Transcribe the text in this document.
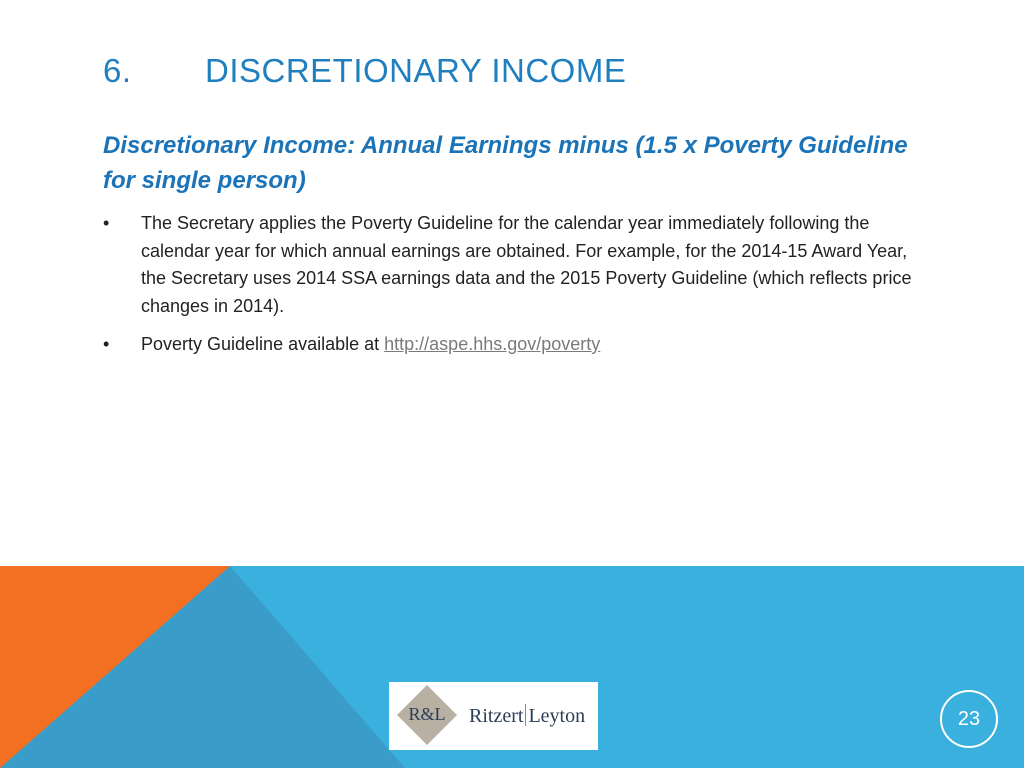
6. DISCRETIONARY INCOME
Discretionary Income: Annual Earnings minus (1.5 x Poverty Guideline for single person)
• The Secretary applies the Poverty Guideline for the calendar year immediately following the calendar year for which annual earnings are obtained. For example, for the 2014-15 Award Year, the Secretary uses 2014 SSA earnings data and the 2015 Poverty Guideline (which reflects price changes in 2014).
• Poverty Guideline available at http://aspe.hhs.gov/poverty
R&L	Ritzert Leyton	23
